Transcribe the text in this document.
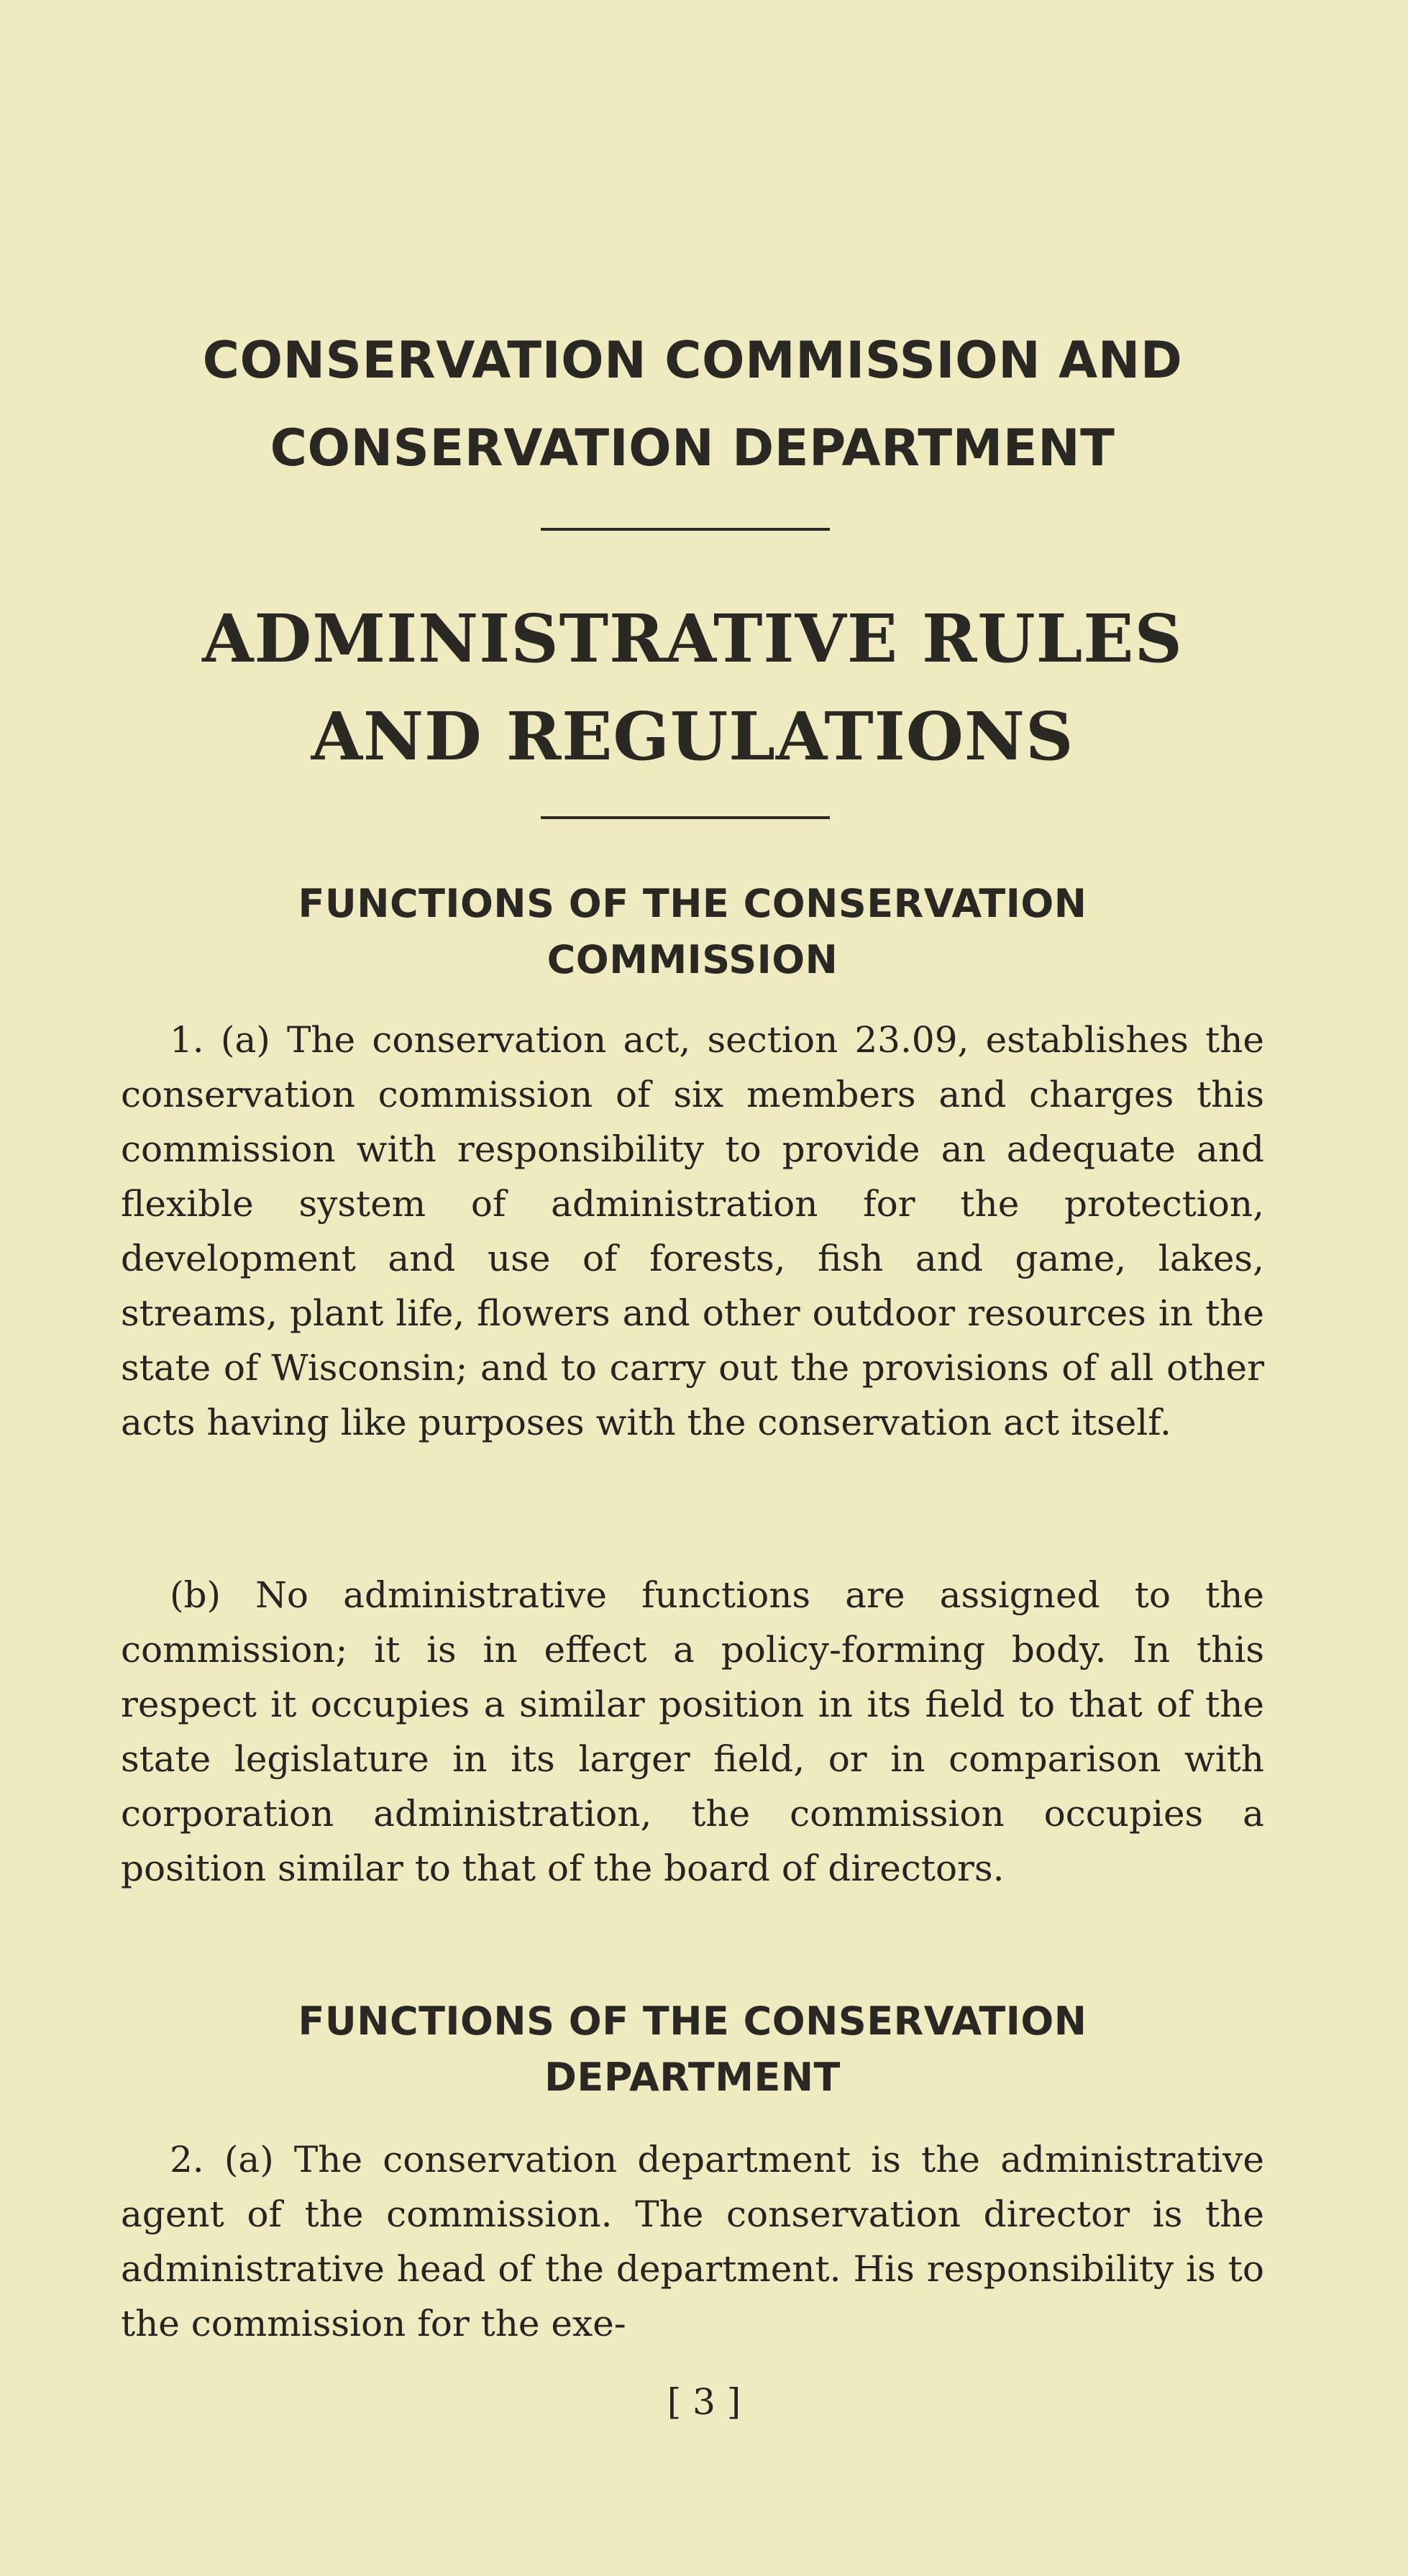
CONSERVATION COMMISSION AND
CONSERVATION DEPARTMENT
ADMINISTRATIVE RULES
AND REGULATIONS
FUNCTIONS OF THE CONSERVATION
COMMISSION

1. (a) The conservation act, section 23.09, establishes the conservation commission of six members and charges this commission with responsibility to provide an adequate and flexible system of administration for the protection, development and use of forests, fish and game, lakes, streams, plant life, flowers and other outdoor resources in the state of Wisconsin; and to carry out the provisions of all other acts having like purposes with the conservation act itself.

(b) No administrative functions are assigned to the commission; it is in effect a policy-forming body. In this respect it occupies a similar position in its field to that of the state legislature in its larger field, or in comparison with corporation administration, the commission occupies a position similar to that of the board of directors.

FUNCTIONS OF THE CONSERVATION
DEPARTMENT

2. (a) The conservation department is the administrative agent of the commission. The conservation director is the administrative head of the department. His responsibility is to the commission for the exe-

[ 3 ]
